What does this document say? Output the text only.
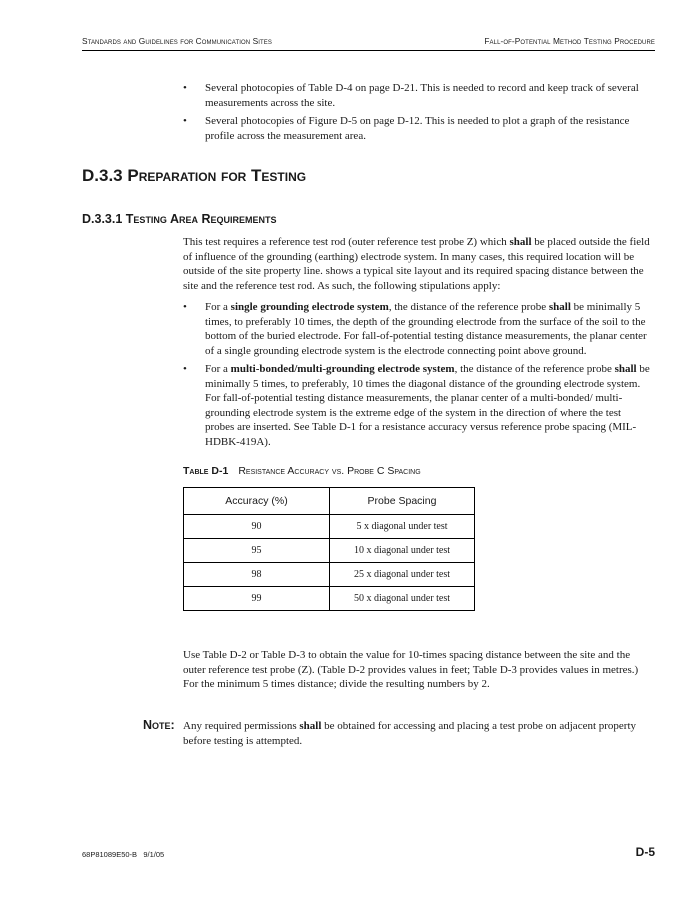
Standards and Guidelines for Communication Sites	Fall-of-Potential Method Testing Procedure
•	Several photocopies of Table D-4 on page D-21. This is needed to record and keep track of several measurements across the site.
•	Several photocopies of Figure D-5 on page D-12. This is needed to plot a graph of the resistance profile across the measurement area.
D.3.3 Preparation for Testing
D.3.3.1 Testing Area Requirements
This test requires a reference test rod (outer reference test probe Z) which shall be placed outside the field of influence of the grounding (earthing) electrode system. In many cases, this required location will be outside of the site property line. shows a typical site layout and its required spacing distance between the site and the reference test rod. As such, the following stipulations apply:
•	For a single grounding electrode system, the distance of the reference probe shall be minimally 5 times, to preferably 10 times, the depth of the grounding electrode from the surface of the soil to the bottom of the buried electrode. For fall-of-potential testing distance measurements, the planar center of a single grounding electrode system is the electrode connecting point above ground.
•	For a multi-bonded/multi-grounding electrode system, the distance of the reference probe shall be minimally 5 times, to preferably, 10 times the diagonal distance of the grounding electrode system. For fall-of-potential testing distance measurements, the planar center of a multi-bonded/ multi-grounding electrode system is the extreme edge of the system in the direction of where the test probes are inserted. See Table D-1 for a resistance accuracy versus reference probe spacing (MIL-HDBK-419A).
Table D-1 Resistance Accuracy vs. Probe C Spacing
Accuracy (%)	Probe Spacing
90	5 x diagonal under test
95	10 x diagonal under test
98	25 x diagonal under test
99	50 x diagonal under test
Use Table D-2 or Table D-3 to obtain the value for 10-times spacing distance between the site and the outer reference test probe (Z). (Table D-2 provides values in feet; Table D-3 provides values in metres.) For the minimum 5 times distance; divide the resulting numbers by 2.
Note: Any required permissions shall be obtained for accessing and placing a test probe on adjacent property before testing is attempted.
68P81089E50-B 9/1/05	D-5
